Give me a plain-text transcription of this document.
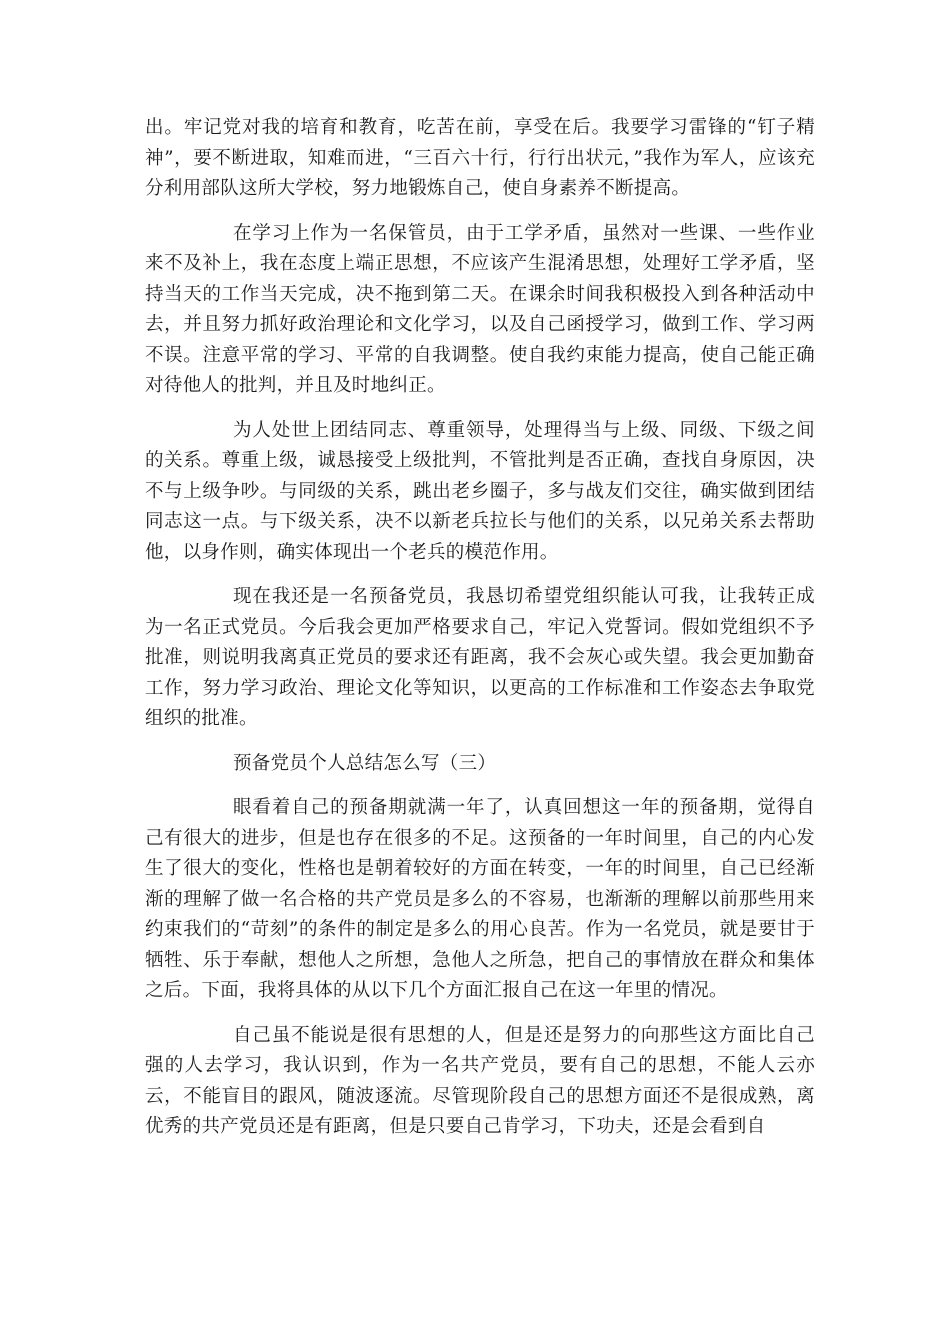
出。牢记党对我的培育和教育，吃苦在前，享受在后。我要学习雷锋的“钉子精神”，要不断进取，知难而进，“三百六十行，行行出状元，”我作为军人，应该充分利用部队这所大学校，努力地锻炼自己，使自身素养不断提高。

在学习上作为一名保管员，由于工学矛盾，虽然对一些课、一些作业来不及补上，我在态度上端正思想，不应该产生混淆思想，处理好工学矛盾，坚持当天的工作当天完成，决不拖到第二天。在课余时间我积极投入到各种活动中去，并且努力抓好政治理论和文化学习，以及自己函授学习，做到工作、学习两不误。注意平常的学习、平常的自我调整。使自我约束能力提高，使自己能正确对待他人的批判，并且及时地纠正。

为人处世上团结同志、尊重领导，处理得当与上级、同级、下级之间的关系。尊重上级，诚恳接受上级批判，不管批判是否正确，查找自身原因，决不与上级争吵。与同级的关系，跳出老乡圈子，多与战友们交往，确实做到团结同志这一点。与下级关系，决不以新老兵拉长与他们的关系，以兄弟关系去帮助他，以身作则，确实体现出一个老兵的模范作用。

现在我还是一名预备党员，我恳切希望党组织能认可我，让我转正成为一名正式党员。今后我会更加严格要求自己，牢记入党誓词。假如党组织不予批准，则说明我离真正党员的要求还有距离，我不会灰心或失望。我会更加勤奋工作，努力学习政治、理论文化等知识，以更高的工作标准和工作姿态去争取党组织的批准。

预备党员个人总结怎么写（三）

眼看着自己的预备期就满一年了，认真回想这一年的预备期，觉得自己有很大的进步，但是也存在很多的不足。这预备的一年时间里，自己的内心发生了很大的变化，性格也是朝着较好的方面在转变，一年的时间里，自己已经渐渐的理解了做一名合格的共产党员是多么的不容易，也渐渐的理解以前那些用来约束我们的“苛刻”的条件的制定是多么的用心良苦。作为一名党员，就是要甘于牺牲、乐于奉献，想他人之所想，急他人之所急，把自己的事情放在群众和集体之后。下面，我将具体的从以下几个方面汇报自己在这一年里的情况。

自己虽不能说是很有思想的人，但是还是努力的向那些这方面比自己强的人去学习，我认识到，作为一名共产党员，要有自己的思想，不能人云亦云，不能盲目的跟风，随波逐流。尽管现阶段自己的思想方面还不是很成熟，离优秀的共产党员还是有距离，但是只要自己肯学习，下功夫，还是会看到自
